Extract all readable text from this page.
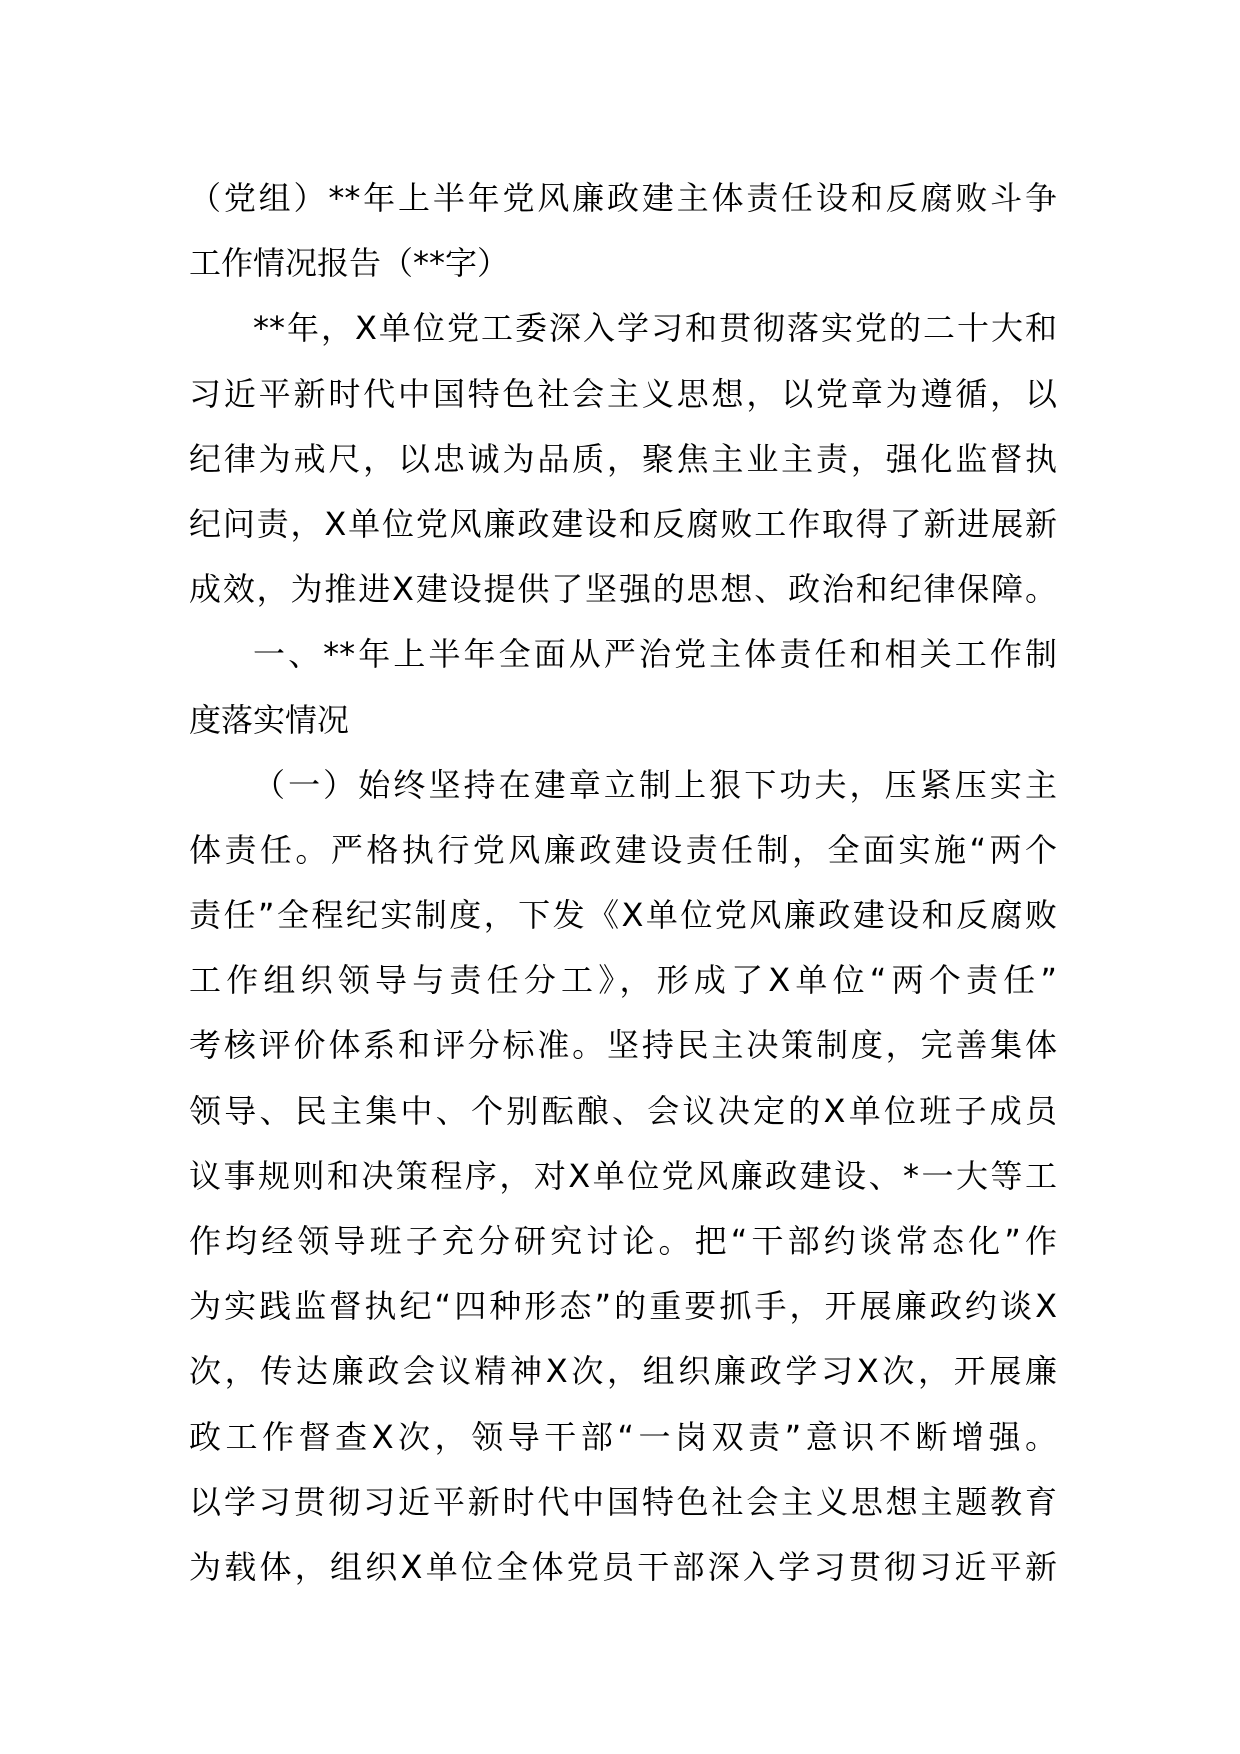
（党组）**年上半年党风廉政建主体责任设和反腐败斗争
工作情况报告（**字）
**年，X单位党工委深入学习和贯彻落实党的二十大和
习近平新时代中国特色社会主义思想，以党章为遵循，以
纪律为戒尺，以忠诚为品质，聚焦主业主责，强化监督执
纪问责，X单位党风廉政建设和反腐败工作取得了新进展新
成效，为推进X建设提供了坚强的思想、政治和纪律保障。
一、**年上半年全面从严治党主体责任和相关工作制
度落实情况
（一）始终坚持在建章立制上狠下功夫，压紧压实主
体责任。严格执行党风廉政建设责任制，全面实施“两个
责任”全程纪实制度，下发《X单位党风廉政建设和反腐败
工作组织领导与责任分工》，形成了X单位“两个责任”
考核评价体系和评分标准。坚持民主决策制度，完善集体
领导、民主集中、个别酝酿、会议决定的X单位班子成员
议事规则和决策程序，对X单位党风廉政建设、*一大等工
作均经领导班子充分研究讨论。把“干部约谈常态化”作
为实践监督执纪“四种形态”的重要抓手，开展廉政约谈X
次，传达廉政会议精神X次，组织廉政学习X次，开展廉
政工作督查X次，领导干部“一岗双责”意识不断增强。
以学习贯彻习近平新时代中国特色社会主义思想主题教育
为载体，组织X单位全体党员干部深入学习贯彻习近平新
